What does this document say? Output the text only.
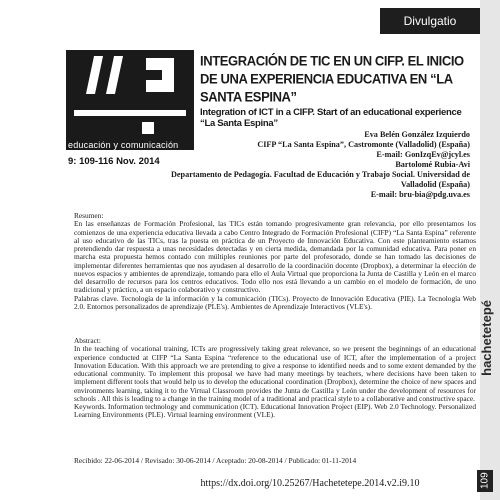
Divulgatio
hachetetepé
109
educación y comunicación
9: 109-116 Nov. 2014
INTEGRACIÓN DE TIC EN UN CIFP. EL INICIO DE UNA EXPERIENCIA EDUCATIVA EN “LA SANTA ESPINA”
Integration of ICT in a CIFP. Start of an educational experience “La Santa Espina”
Eva Belén González Izquierdo
CIFP “La Santa Espina”, Castromonte (Valladolid) (España)
E-mail: GonIzqEv@jcyl.es
Bartolomé Rubia-Avi
Departamento de Pedagogía. Facultad de Educación y Trabajo Social. Universidad de Valladolid (España)
E-mail: bru-bia@pdg.uva.es
Resumen:

En las enseñanzas de Formación Profesional, las TICs están tomando progresivamente gran relevancia, por ello presentamos los comienzos de una experiencia educativa llevada a cabo Centro Integrado de Formación Profesional (CIFP) “La Santa Espina” referente al uso educativo de las TICs, tras la puesta en práctica de un Proyecto de Innovación Educativa. Con este planteamiento estamos pretendiendo dar respuesta a unas necesidades detectadas y en cierta medida, demandada por la comunidad educativa. Para poner en marcha esta propuesta hemos contado con múltiples reuniones por parte del profesorado, donde se han tomado las decisiones de implementar diferentes herramientas que nos ayudasen al desarrollo de la coordinación docente (Dropbox), a determinar la elección de nuevos espacios y ambientes de aprendizaje, tomando para ello el Aula Virtual que proporciona la Junta de Castilla y León en el marco del desarrollo de recursos para los centros educativos. Todo ello nos está llevando a un cambio en el modelo de formación, de uno tradicional y práctico, a un espacio colaborativo y constructivo.

Palabras clave. Tecnología de la información y la comunicación (TICs). Proyecto de Innovación Educativa (PIE). La Tecnología Web 2.0. Entornos personalizados de aprendizaje (PLE's). Ambientes de Aprendizaje Interactivos (VLE's).

Abstract:

In the teaching of vocational training, ICTs are progressively taking great relevance, so we present the beginnings of an educational experience conducted at CIFP “La Santa Espina “reference to the educational use of ICT, after the implementation of a project Innovation Education. With this approach we are pretending to give a response to identified needs and to some extent demanded by the educational community. To implement this proposal we have had many meetings by teachers, where decisions have been taken to implement different tools that would help us to develop the educational coordination (Dropbox), determine the choice of new spaces and environments learning, taking it to the Virtual Classroom provides the Junta de Castilla y León under the development of resources for schools . All this is leading to a change in the training model of a traditional and practical style to a collaborative and constructive space.

Keywords. Information technology and communication (ICT). Educational Innovation Project (EIP). Web 2.0 Technology. Personalized Learning Environments (PLE). Virtual learning environment (VLE).

Recibido: 22-06-2014 / Revisado: 30-06-2014 / Aceptado: 20-08-2014 / Publicado: 01-11-2014
https://dx.doi.org/10.25267/Hachetetepe.2014.v2.i9.10
